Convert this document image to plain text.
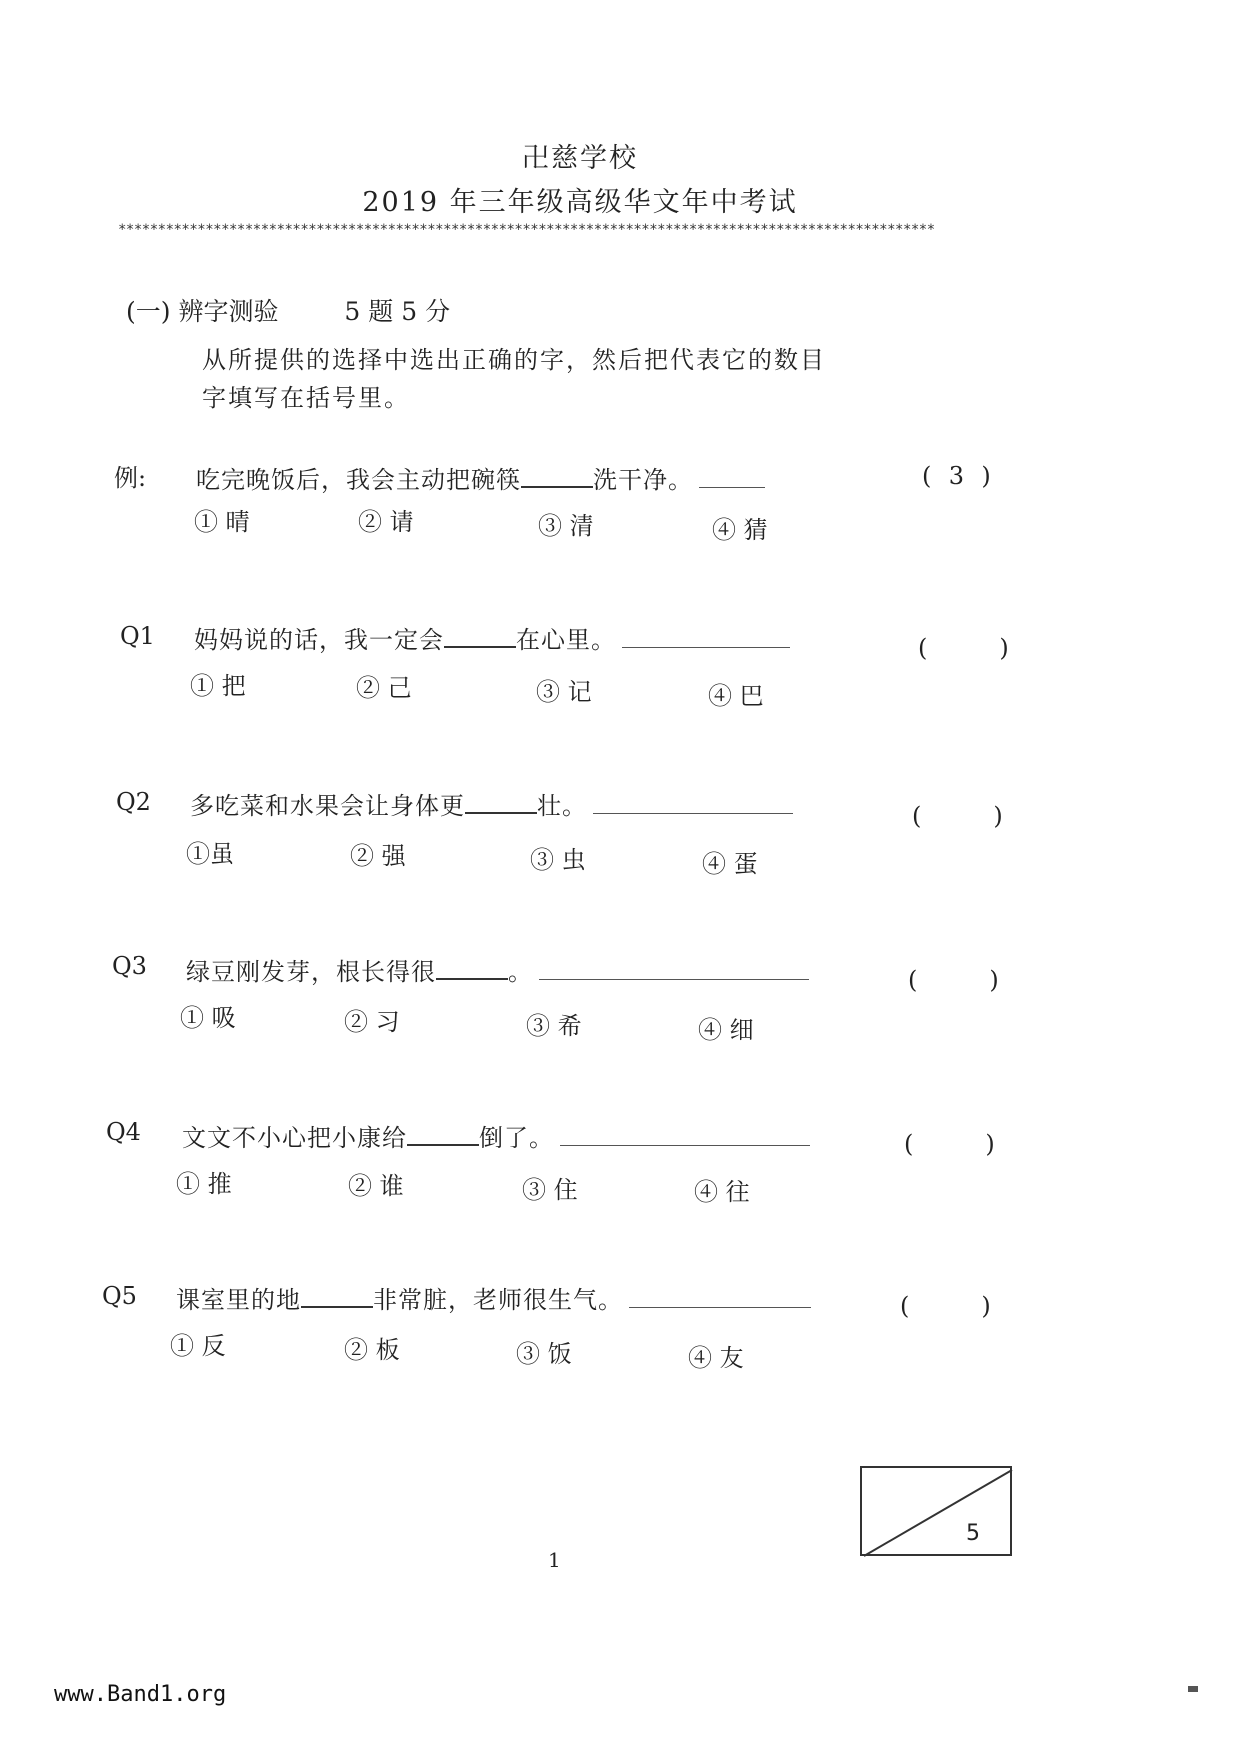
卍慈学校
2019 年三年级高级华文年中考试
*******************************************************************************************************
(一) 辨字测验	5 题 5 分
从所提供的选择中选出正确的字，然后把代表它的数目
字填写在括号里。
例: 吃完晚饭后，我会主动把碗筷	洗干净。	( 3 )
① 晴	② 请	③ 清	④ 猜
Q1 妈妈说的话，我一定会	在心里。	(	)
① 把	② 己	③ 记	④ 巴
Q2 多吃菜和水果会让身体更	壮。	(	)
①虽	② 强	③ 虫	④ 蛋
Q3 绿豆刚发芽，根长得很	。	(	)
① 吸	② 习	③ 希	④ 细
Q4 文文不小心把小康给	倒了。	(	)
① 推	② 谁	③ 住	④ 往
Q5 课室里的地	非常脏，老师很生气。	(	)
① 反	② 板	③ 饭	④ 友
5
1
www.Band1.org
